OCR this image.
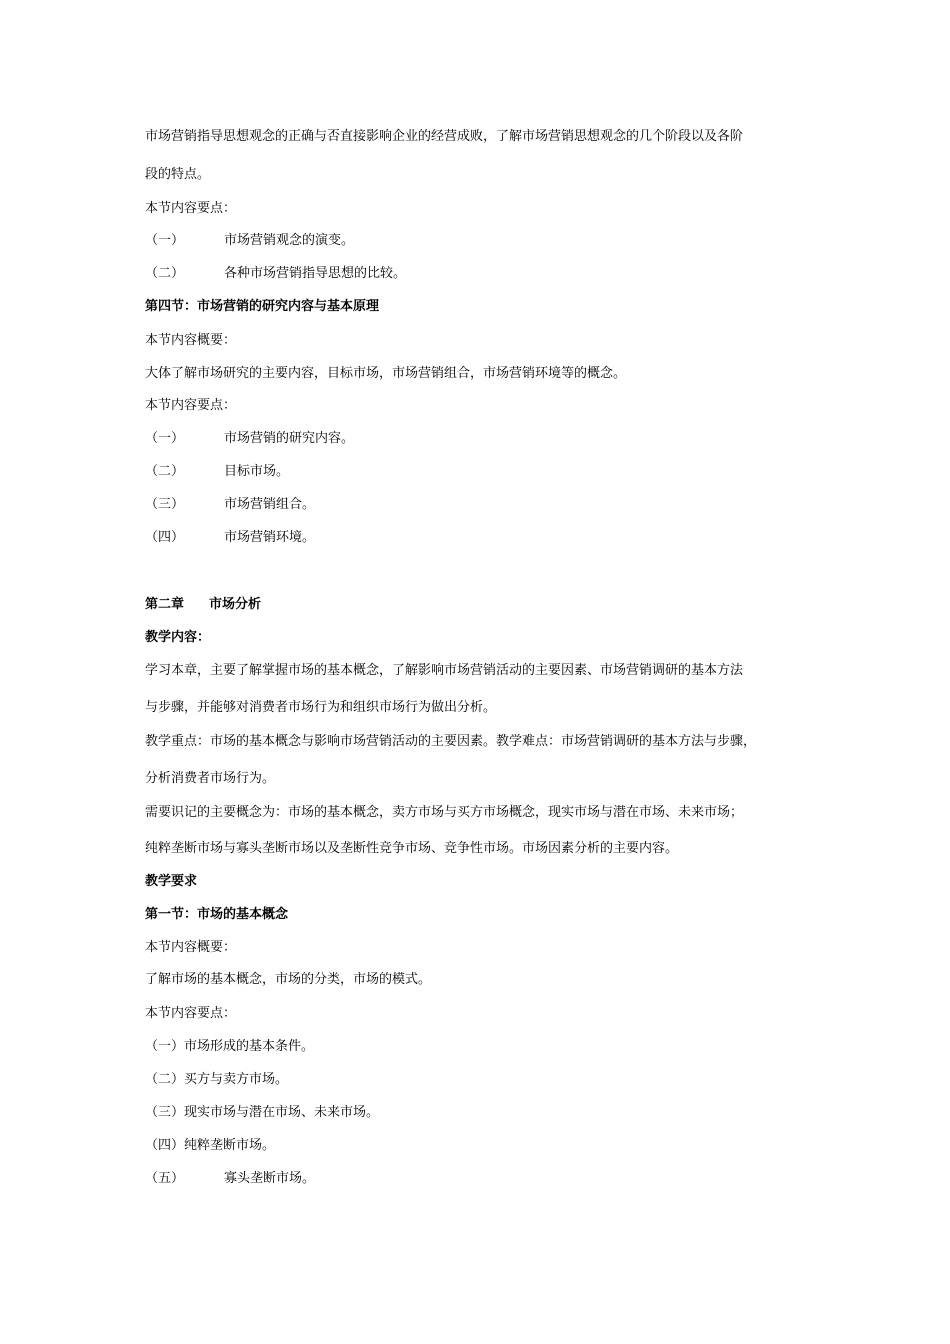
市场营销指导思想观念的正确与否直接影响企业的经营成败，了解市场营销思想观念的几个阶段以及各阶
段的特点。
本节内容要点：
（一）	市场营销观念的演变。
（二）	各种市场营销指导思想的比较。
第四节：市场营销的研究内容与基本原理
本节内容概要：
大体了解市场研究的主要内容，目标市场，市场营销组合，市场营销环境等的概念。
本节内容要点：
（一）	市场营销的研究内容。
（二）	目标市场。
（三）	市场营销组合。
（四）	市场营销环境。
第二章 市场分析
教学内容：
学习本章，主要了解掌握市场的基本概念，了解影响市场营销活动的主要因素、市场营销调研的基本方法
与步骤，并能够对消费者市场行为和组织市场行为做出分析。
教学重点：市场的基本概念与影响市场营销活动的主要因素。教学难点：市场营销调研的基本方法与步骤，
分析消费者市场行为。
需要识记的主要概念为：市场的基本概念，卖方市场与买方市场概念，现实市场与潜在市场、未来市场；
纯粹垄断市场与寡头垄断市场以及垄断性竞争市场、竞争性市场。市场因素分析的主要内容。
教学要求
第一节：市场的基本概念
本节内容概要：
了解市场的基本概念，市场的分类，市场的模式。
本节内容要点：
（一）市场形成的基本条件。
（二）买方与卖方市场。
（三）现实市场与潜在市场、未来市场。
（四）纯粹垄断市场。
（五）	寡头垄断市场。
